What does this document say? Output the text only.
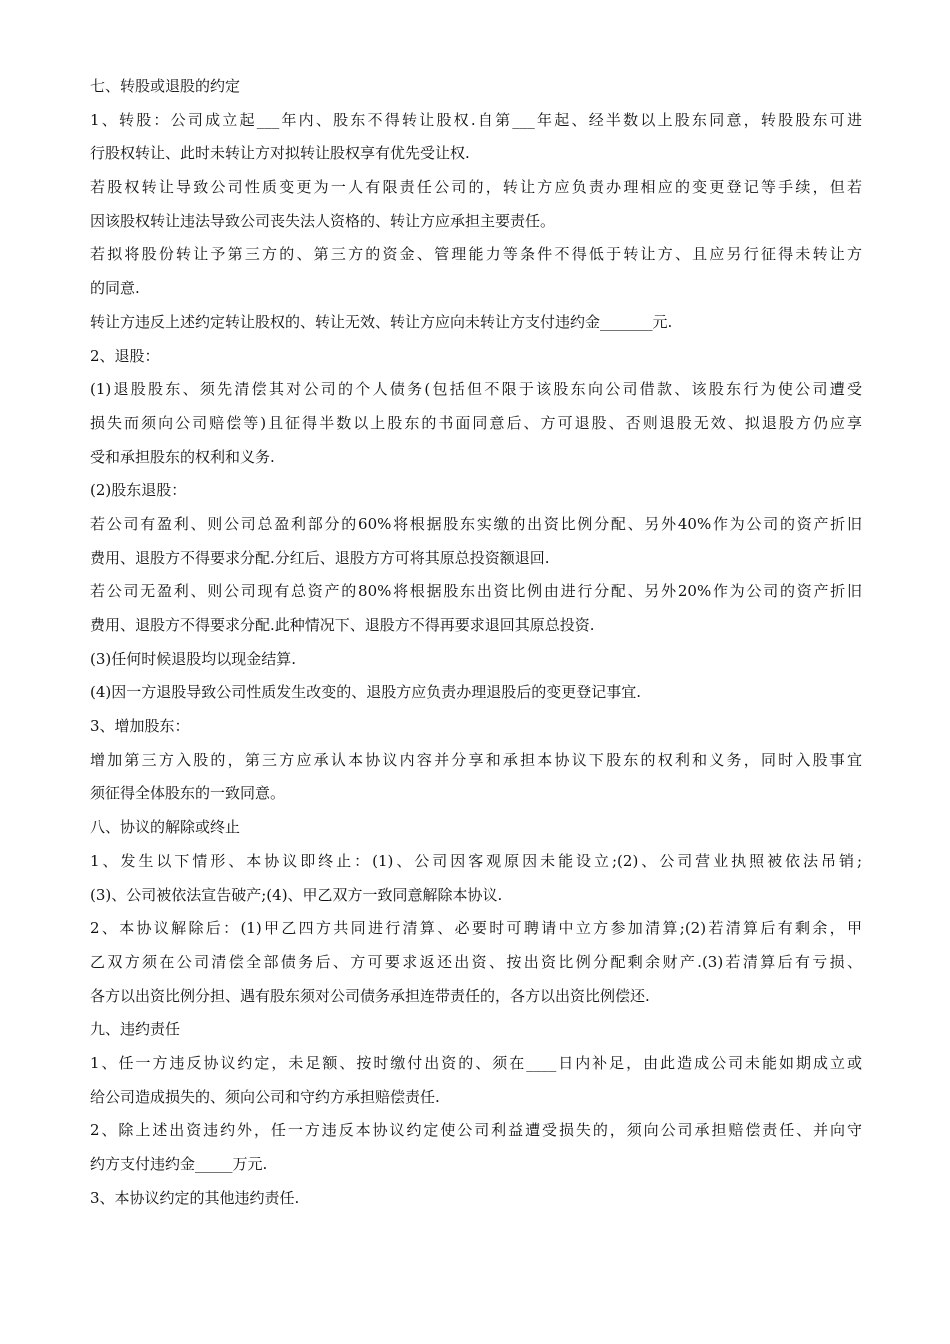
七、转股或退股的约定
1、转股：公司成立起___年内、股东不得转让股权.自第___年起、经半数以上股东同意，转股股东可进
行股权转让、此时未转让方对拟转让股权享有优先受让权.
若股权转让导致公司性质变更为一人有限责任公司的，转让方应负责办理相应的变更登记等手续，但若
因该股权转让违法导致公司丧失法人资格的、转让方应承担主要责任。
若拟将股份转让予第三方的、第三方的资金、管理能力等条件不得低于转让方、且应另行征得未转让方
的同意.
转让方违反上述约定转让股权的、转让无效、转让方应向未转让方支付违约金_______元.
2、退股：
(1)退股股东、须先清偿其对公司的个人债务(包括但不限于该股东向公司借款、该股东行为使公司遭受
损失而须向公司赔偿等)且征得半数以上股东的书面同意后、方可退股、否则退股无效、拟退股方仍应享
受和承担股东的权利和义务.
(2)股东退股：
若公司有盈利、则公司总盈利部分的60%将根据股东实缴的出资比例分配、另外40%作为公司的资产折旧
费用、退股方不得要求分配.分红后、退股方方可将其原总投资额退回.
若公司无盈利、则公司现有总资产的80%将根据股东出资比例由进行分配、另外20%作为公司的资产折旧
费用、退股方不得要求分配.此种情况下、退股方不得再要求退回其原总投资.
(3)任何时候退股均以现金结算.
(4)因一方退股导致公司性质发生改变的、退股方应负责办理退股后的变更登记事宜.
3、增加股东：
增加第三方入股的，第三方应承认本协议内容并分享和承担本协议下股东的权利和义务，同时入股事宜
须征得全体股东的一致同意。
八、协议的解除或终止
1、发生以下情形、本协议即终止：(1)、公司因客观原因未能设立;(2)、公司营业执照被依法吊销;
(3)、公司被依法宣告破产;(4)、甲乙双方一致同意解除本协议.
2、本协议解除后：(1)甲乙四方共同进行清算、必要时可聘请中立方参加清算;(2)若清算后有剩余，甲
乙双方须在公司清偿全部债务后、方可要求返还出资、按出资比例分配剩余财产.(3)若清算后有亏损、
各方以出资比例分担、遇有股东须对公司债务承担连带责任的，各方以出资比例偿还.
九、违约责任
1、任一方违反协议约定，未足额、按时缴付出资的、须在____日内补足，由此造成公司未能如期成立或
给公司造成损失的、须向公司和守约方承担赔偿责任.
2、除上述出资违约外，任一方违反本协议约定使公司利益遭受损失的，须向公司承担赔偿责任、并向守
约方支付违约金_____万元.
3、本协议约定的其他违约责任.
